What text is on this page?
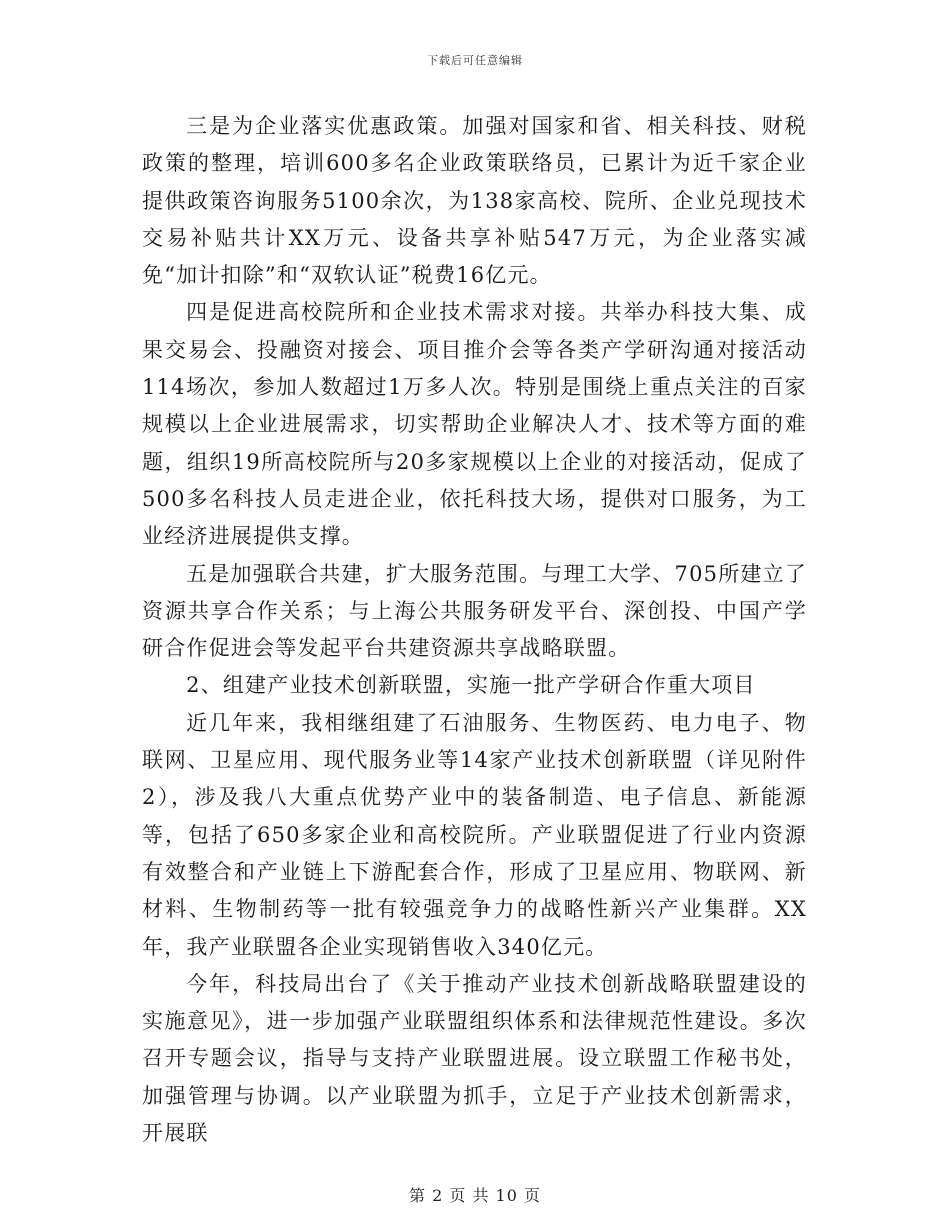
下载后可任意编辑

三是为企业落实优惠政策。加强对国家和省、相关科技、财税政策的整理，培训600多名企业政策联络员，已累计为近千家企业提供政策咨询服务5100余次，为138家高校、院所、企业兑现技术交易补贴共计XX万元、设备共享补贴547万元，为企业落实减免“加计扣除”和“双软认证”税费16亿元。

四是促进高校院所和企业技术需求对接。共举办科技大集、成果交易会、投融资对接会、项目推介会等各类产学研沟通对接活动114场次，参加人数超过1万多人次。特别是围绕上重点关注的百家规模以上企业进展需求，切实帮助企业解决人才、技术等方面的难题，组织19所高校院所与20多家规模以上企业的对接活动，促成了500多名科技人员走进企业，依托科技大场，提供对口服务，为工业经济进展提供支撑。

五是加强联合共建，扩大服务范围。与理工大学、705所建立了资源共享合作关系；与上海公共服务研发平台、深创投、中国产学研合作促进会等发起平台共建资源共享战略联盟。

2、组建产业技术创新联盟，实施一批产学研合作重大项目

近几年来，我相继组建了石油服务、生物医药、电力电子、物联网、卫星应用、现代服务业等14家产业技术创新联盟（详见附件2），涉及我八大重点优势产业中的装备制造、电子信息、新能源等，包括了650多家企业和高校院所。产业联盟促进了行业内资源有效整合和产业链上下游配套合作，形成了卫星应用、物联网、新材料、生物制药等一批有较强竞争力的战略性新兴产业集群。XX年，我产业联盟各企业实现销售收入340亿元。

今年，科技局出台了《关于推动产业技术创新战略联盟建设的实施意见》，进一步加强产业联盟组织体系和法律规范性建设。多次召开专题会议，指导与支持产业联盟进展。设立联盟工作秘书处，加强管理与协调。以产业联盟为抓手，立足于产业技术创新需求，开展联

第 2 页 共 10 页
